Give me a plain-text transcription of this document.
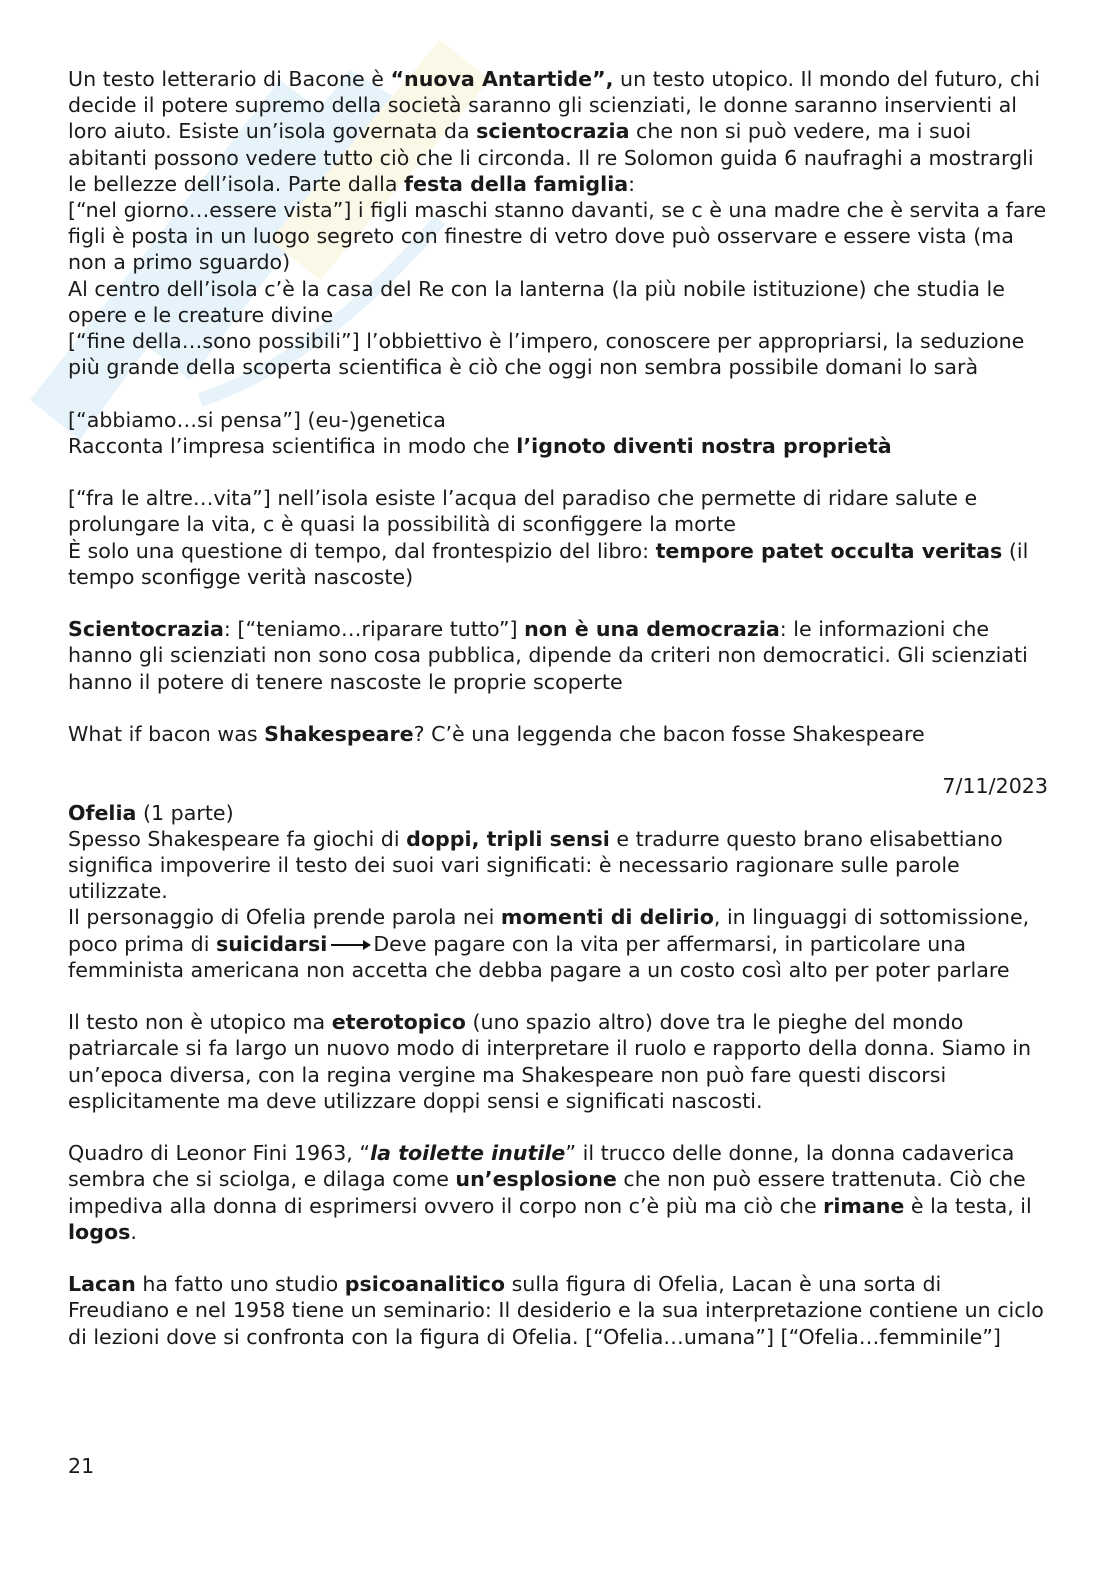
Un testo letterario di Bacone è “nuova Antartide”, un testo utopico. Il mondo del futuro, chi decide il potere supremo della società saranno gli scienziati, le donne saranno inservienti al loro aiuto. Esiste un’isola governata da scientocrazia che non si può vedere, ma i suoi abitanti possono vedere tutto ciò che li circonda. Il re Solomon guida 6 naufraghi a mostrargli le bellezze dell’isola. Parte dalla festa della famiglia:

[“nel giorno…essere vista”] i figli maschi stanno davanti, se c è una madre che è servita a fare figli è posta in un luogo segreto con finestre di vetro dove può osservare e essere vista (ma non a primo sguardo)

Al centro dell’isola c’è la casa del Re con la lanterna (la più nobile istituzione) che studia le opere e le creature divine

[“fine della…sono possibili”] l’obbiettivo è l’impero, conoscere per appropriarsi, la seduzione più grande della scoperta scientifica è ciò che oggi non sembra possibile domani lo sarà

[“abbiamo…si pensa”] (eu-)genetica

Racconta l’impresa scientifica in modo che l’ignoto diventi nostra proprietà

[“fra le altre…vita”] nell’isola esiste l’acqua del paradiso che permette di ridare salute e prolungare la vita, c è quasi la possibilità di sconfiggere la morte

È solo una questione di tempo, dal frontespizio del libro: tempore patet occulta veritas (il tempo sconfigge verità nascoste)

Scientocrazia: [“teniamo…riparare tutto”] non è una democrazia: le informazioni che hanno gli scienziati non sono cosa pubblica, dipende da criteri non democratici. Gli scienziati hanno il potere di tenere nascoste le proprie scoperte

What if bacon was Shakespeare? C’è una leggenda che bacon fosse Shakespeare

7/11/2023

Ofelia (1 parte)

Spesso Shakespeare fa giochi di doppi, tripli sensi e tradurre questo brano elisabettiano significa impoverire il testo dei suoi vari significati: è necessario ragionare sulle parole utilizzate.

Il personaggio di Ofelia prende parola nei momenti di delirio, in linguaggi di sottomissione, poco prima di suicidarsi Deve pagare con la vita per affermarsi, in particolare una femminista americana non accetta che debba pagare a un costo così alto per poter parlare

Il testo non è utopico ma eterotopico (uno spazio altro) dove tra le pieghe del mondo patriarcale si fa largo un nuovo modo di interpretare il ruolo e rapporto della donna. Siamo in un’epoca diversa, con la regina vergine ma Shakespeare non può fare questi discorsi esplicitamente ma deve utilizzare doppi sensi e significati nascosti.

Quadro di Leonor Fini 1963, “la toilette inutile” il trucco delle donne, la donna cadaverica sembra che si sciolga, e dilaga come un’esplosione che non può essere trattenuta. Ciò che impediva alla donna di esprimersi ovvero il corpo non c’è più ma ciò che rimane è la testa, il logos.

Lacan ha fatto uno studio psicoanalitico sulla figura di Ofelia, Lacan è una sorta di Freudiano e nel 1958 tiene un seminario: Il desiderio e la sua interpretazione contiene un ciclo di lezioni dove si confronta con la figura di Ofelia. [“Ofelia…umana”] [“Ofelia…femminile”]

21
